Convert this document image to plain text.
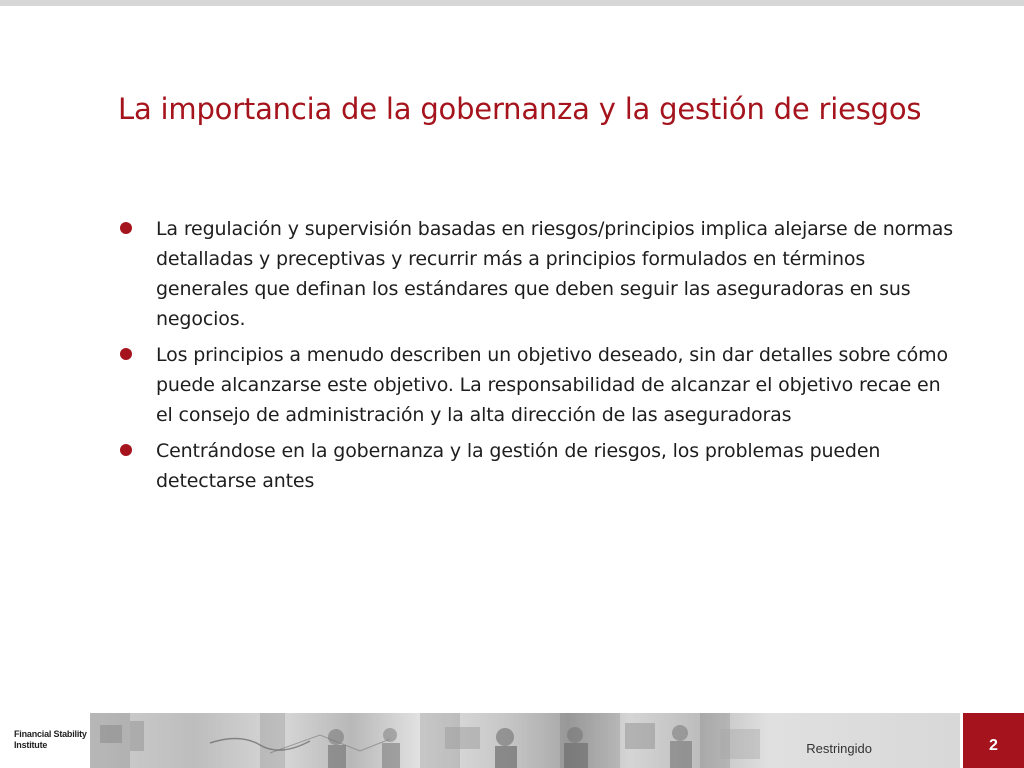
La importancia de la gobernanza y la gestión de riesgos
La regulación y supervisión basadas en riesgos/principios implica alejarse de normas detalladas y preceptivas y recurrir más a principios formulados en términos generales que definan los estándares que deben seguir las aseguradoras en sus negocios.
Los principios a menudo describen un objetivo deseado, sin dar detalles sobre cómo puede alcanzarse este objetivo. La responsabilidad de alcanzar el objetivo recae en el consejo de administración y la alta dirección de las aseguradoras
Centrándose en la gobernanza y la gestión de riesgos, los problemas pueden detectarse antes
Financial Stability
Institute	Restringido	2
